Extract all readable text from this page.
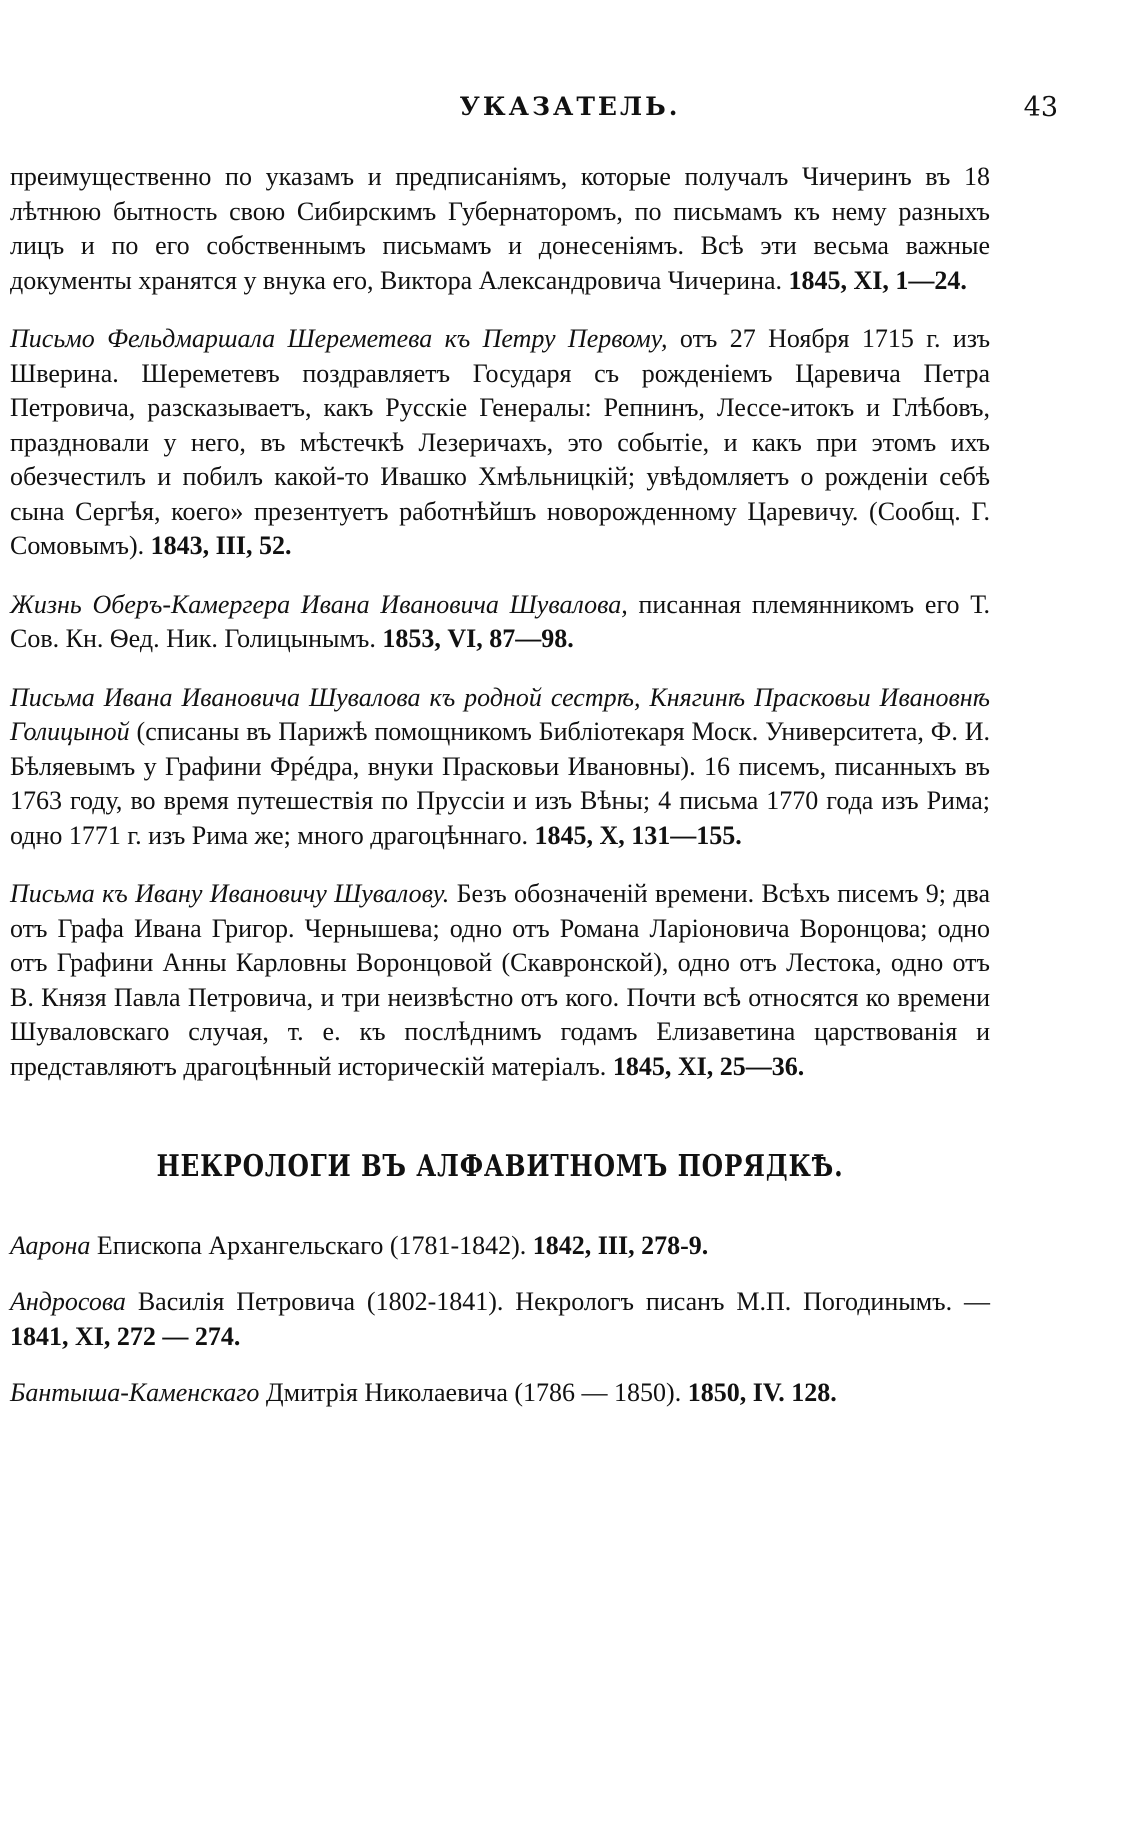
УКАЗАТЕЛЬ.	43

преимущественно по указамъ и предписаніямъ, которые получалъ Чичеринъ въ 18 лѣтнюю бытность свою Сибирскимъ Губернаторомъ, по письмамъ къ нему разныхъ лицъ и по его собственнымъ письмамъ и донесеніямъ. Всѣ эти весьма важные документы хранятся у внука его, Виктора Александровича Чичерина. 1845, XI, 1—24.

Письмо Фельдмаршала Шереметева къ Петру Первому, отъ 27 Ноября 1715 г. изъ Шверина. Шереметевъ поздравляетъ Государя съ рожденіемъ Царевича Петра Петровича, разсказываетъ, какъ Русскіе Генералы: Репнинъ, Лессе-итокъ и Глѣбовъ, праздновали у него, въ мѣстечкѣ Лезеричахъ, это событіе, и какъ при этомъ ихъ обезчестилъ и побилъ какой-то Ивашко Хмѣльницкій; увѣдомляетъ о рожденіи себѣ сына Сергѣя, коего» презентуетъ работнѣйшъ новорожденному Царевичу. (Сообщ. Г. Сомовымъ). 1843, III, 52.

Жизнь Оберъ-Камергера Ивана Ивановича Шувалова, писанная племянникомъ его Т. Сов. Кн. Ѳед. Ник. Голицынымъ. 1853, VI, 87—98.

Письма Ивана Ивановича Шувалова къ родной сестрѣ, Княгинѣ Прасковьи Ивановнѣ Голицыной (списаны въ Парижѣ помощникомъ Библіотекаря Моск. Университета, Ф. И. Бѣляевымъ у Графини Фрéдра, внуки Прасковьи Ивановны). 16 писемъ, писанныхъ въ 1763 году, во время путешествія по Пруссіи и изъ Вѣны; 4 письма 1770 года изъ Рима; одно 1771 г. изъ Рима же; много драгоцѣннаго. 1845, X, 131—155.

Письма къ Ивану Ивановичу Шувалову. Безъ обозначеній времени. Всѣхъ писемъ 9; два отъ Графа Ивана Григор. Чернышева; одно отъ Романа Ларіоновича Воронцова; одно отъ Графини Анны Карловны Воронцовой (Скавронской), одно отъ Лестока, одно отъ В. Князя Павла Петровича, и три неизвѣстно отъ кого. Почти всѣ относятся ко времени Шуваловскаго случая, т. е. къ послѣднимъ годамъ Елизаветина царствованія и представляютъ драгоцѣнный историческій матеріалъ. 1845, XI, 25—36.

НЕКРОЛОГИ ВЪ АЛФАВИТНОМЪ ПОРЯДКѢ.

Аарона Епископа Архангельскаго (1781-1842). 1842, III, 278-9.

Андросова Василія Петровича (1802-1841). Некрологъ писанъ М.П. Погодинымъ. — 1841, XI, 272 — 274.

Бантыша-Каменскаго Дмитрія Николаевича (1786 — 1850). 1850, IV. 128.
